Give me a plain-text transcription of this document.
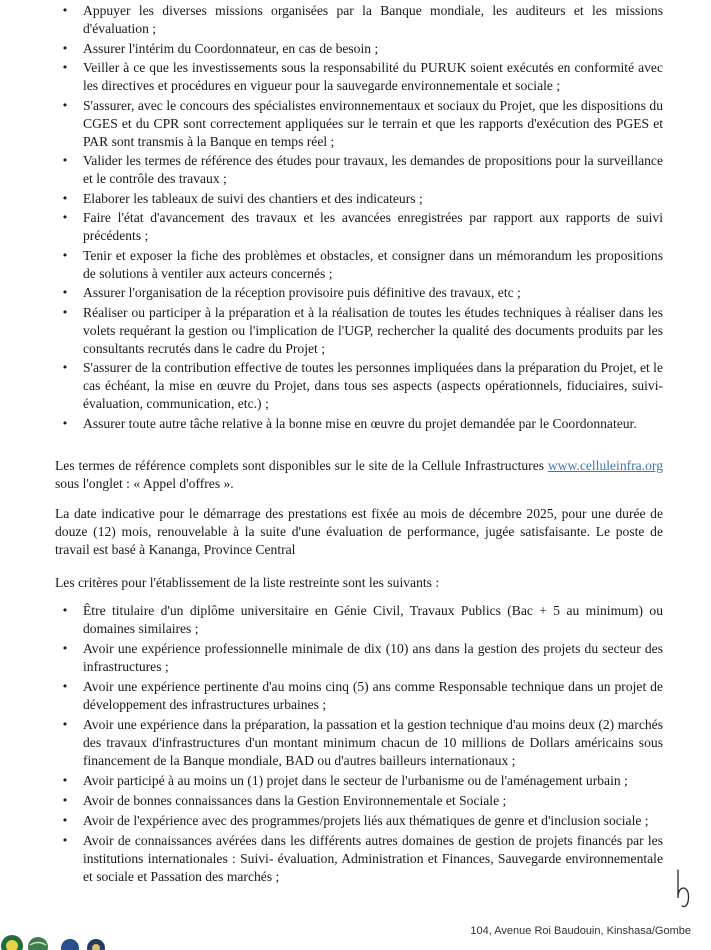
• Appuyer les diverses missions organisées par la Banque mondiale, les auditeurs et les missions d'évaluation ;
• Assurer l'intérim du Coordonnateur, en cas de besoin ;
• Veiller à ce que les investissements sous la responsabilité du PURUK soient exécutés en conformité avec les directives et procédures en vigueur pour la sauvegarde environnementale et sociale ;
• S'assurer, avec le concours des spécialistes environnementaux et sociaux du Projet, que les dispositions du CGES et du CPR sont correctement appliquées sur le terrain et que les rapports d'exécution des PGES et PAR sont transmis à la Banque en temps réel ;
• Valider les termes de référence des études pour travaux, les demandes de propositions pour la surveillance et le contrôle des travaux ;
• Elaborer les tableaux de suivi des chantiers et des indicateurs ;
• Faire l'état d'avancement des travaux et les avancées enregistrées par rapport aux rapports de suivi précédents ;
• Tenir et exposer la fiche des problèmes et obstacles, et consigner dans un mémorandum les propositions de solutions à ventiler aux acteurs concernés ;
• Assurer l'organisation de la réception provisoire puis définitive des travaux, etc ;
• Réaliser ou participer à la préparation et à la réalisation de toutes les études techniques à réaliser dans les volets requérant la gestion ou l'implication de l'UGP, rechercher la qualité des documents produits par les consultants recrutés dans le cadre du Projet ;
• S'assurer de la contribution effective de toutes les personnes impliquées dans la préparation du Projet, et le cas échéant, la mise en œuvre du Projet, dans tous ses aspects (aspects opérationnels, fiduciaires, suivi-évaluation, communication, etc.) ;
• Assurer toute autre tâche relative à la bonne mise en œuvre du projet demandée par le Coordonnateur.

Les termes de référence complets sont disponibles sur le site de la Cellule Infrastructures www.celluleinfra.org sous l'onglet : « Appel d'offres ».

La date indicative pour le démarrage des prestations est fixée au mois de décembre 2025, pour une durée de douze (12) mois, renouvelable à la suite d'une évaluation de performance, jugée satisfaisante. Le poste de travail est basé à Kananga, Province Central

Les critères pour l'établissement de la liste restreinte sont les suivants :

• Être titulaire d'un diplôme universitaire en Génie Civil, Travaux Publics (Bac + 5 au minimum) ou domaines similaires ;
• Avoir une expérience professionnelle minimale de dix (10) ans dans la gestion des projets du secteur des infrastructures ;
• Avoir une expérience pertinente d'au moins cinq (5) ans comme Responsable technique dans un projet de développement des infrastructures urbaines ;
• Avoir une expérience dans la préparation, la passation et la gestion technique d'au moins deux (2) marchés des travaux d'infrastructures d'un montant minimum chacun de 10 millions de Dollars américains sous financement de la Banque mondiale, BAD ou d'autres bailleurs internationaux ;
• Avoir participé à au moins un (1) projet dans le secteur de l'urbanisme ou de l'aménagement urbain ;
• Avoir de bonnes connaissances dans la Gestion Environnementale et Sociale ;
• Avoir de l'expérience avec des programmes/projets liés aux thématiques de genre et d'inclusion sociale ;
• Avoir de connaissances avérées dans les différents autres domaines de gestion de projets financés par les institutions internationales : Suivi- évaluation, Administration et Finances, Sauvegarde environnementale et sociale et Passation des marchés ;
104, Avenue Roi Baudouin, Kinshasa/Gombe
